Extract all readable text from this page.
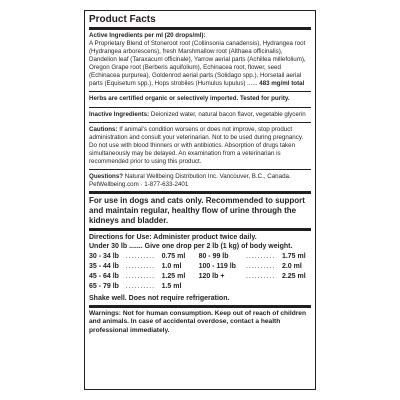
Product Facts

Active Ingredients per ml (20 drops/ml):
A Proprietary Blend of Stoneroot root (Collinsonia canadensis), Hydrangea root (Hydrangea arborescens), fresh Marshmallow root (Althaea officinalis), Dandelion leaf (Taraxacum officinale), Yarrow aerial parts (Achillea millefolium), Oregon Grape root (Berberis aquifolium), Echinacea root, flower, seed (Echinacea purpurea), Goldenrod aerial parts (Solidago spp.), Horsetail aerial parts (Equisetum spp.), Hops strobiles (Humulus lupulus) ...... 483 mg/ml total

Herbs are certified organic or selectively imported. Tested for purity.

Inactive Ingredients: Deionized water, natural bacon flavor, vegetable glycerin

Cautions: If animal's condition worsens or does not improve, stop product administration and consult your veterinarian. Not to be used during pregnancy. Do not use with blood thinners or with antibiotics. Absorption of drugs taken simultaneously may be delayed. An examination from a veterinarian is recommended prior to using this product.

Questions? Natural Wellbeing Distribution Inc. Vancouver, B.C., Canada.
PetWellbeing.com · 1-877-633-2401

For use in dogs and cats only. Recommended to support and maintain regular, healthy flow of urine through the kidneys and bladder.

Directions for Use: Administer product twice daily.

Under 30 lb ....... Give one drop per 2 lb (1 kg) of body weight.

30 - 34 lb	..........	0.75 ml	80 - 99 lb	..........	1.75 ml
35 - 44 lb	..........	1.0 ml	100 - 119 lb	..........	2.0 ml
45 - 64 lb	..........	1.25 ml	120 lb +	..........	2.25 ml
65 - 79 lb	..........	1.5 ml			

Shake well. Does not require refrigeration.

Warnings: Not for human consumption. Keep out of reach of children and animals. In case of accidental overdose, contact a health professional immediately.
